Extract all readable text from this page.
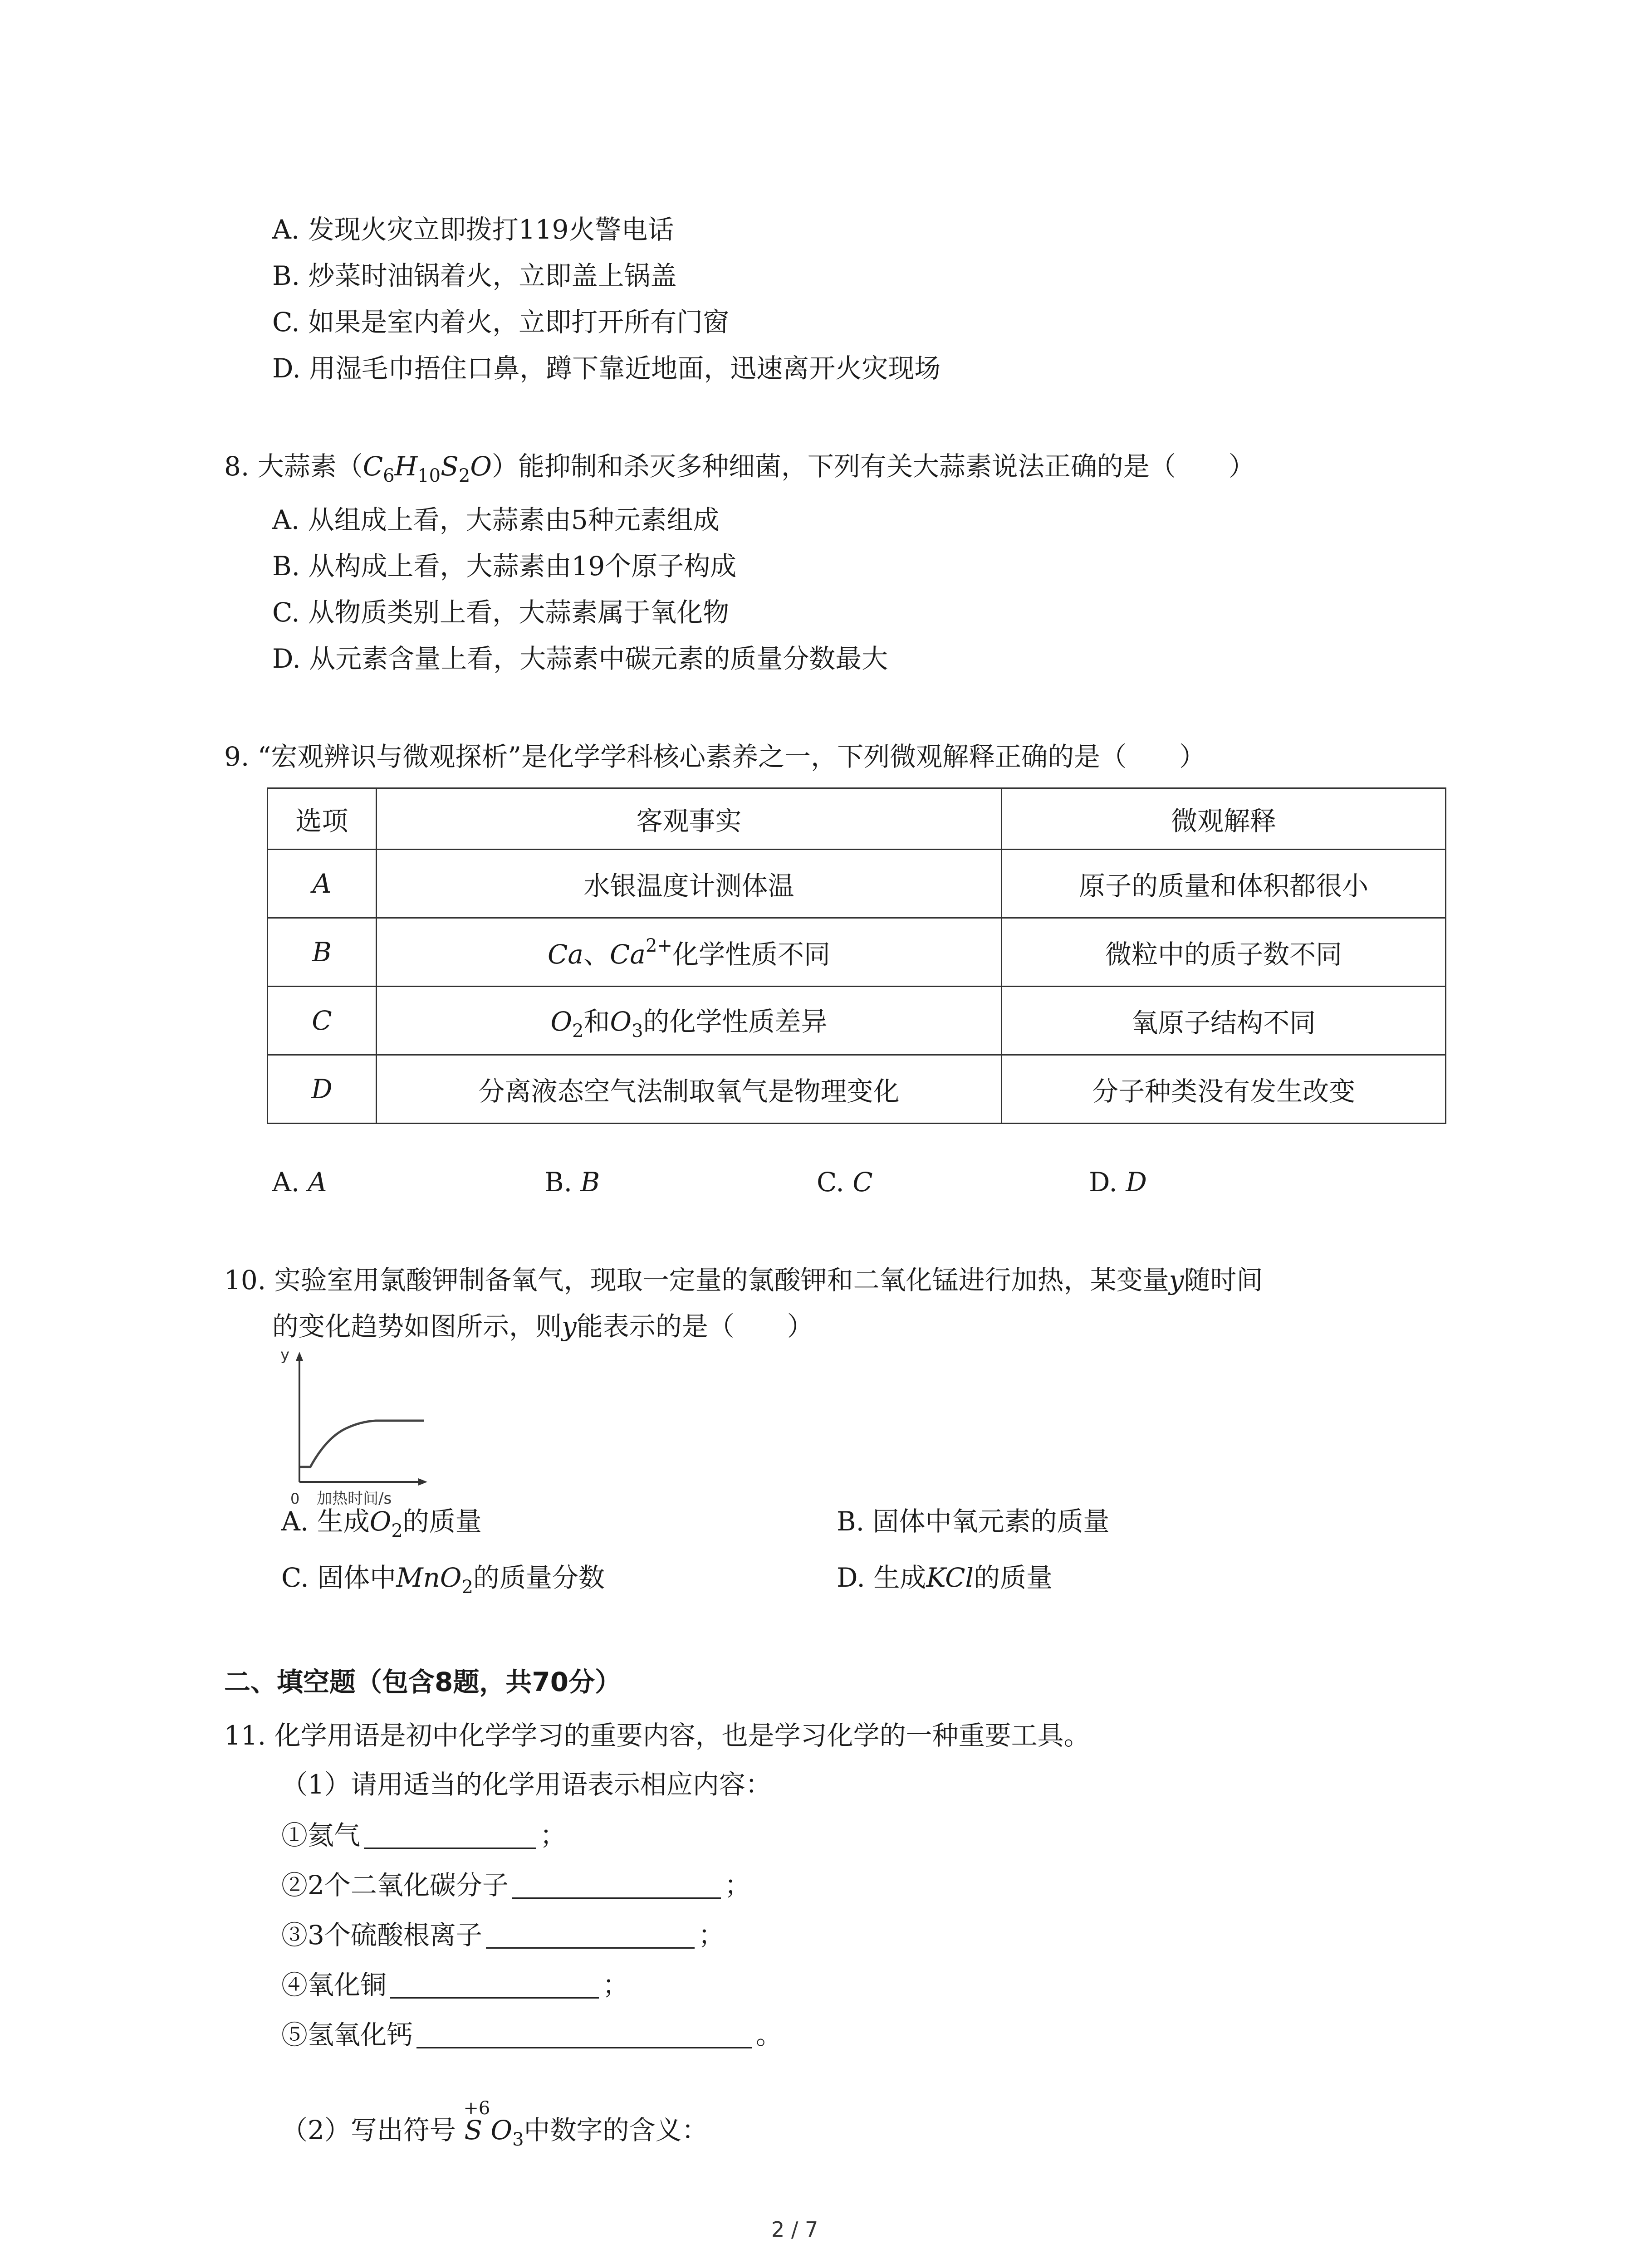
A. 发现火灾立即拨打119火警电话
B. 炒菜时油锅着火，立即盖上锅盖
C. 如果是室内着火，立即打开所有门窗
D. 用湿毛巾捂住口鼻，蹲下靠近地面，迅速离开火灾现场
8. 大蒜素$(C_6H_{10}S_2O)$能抑制和杀灭多种细菌，下列有关大蒜素说法正确的是（　　）
A. 从组成上看，大蒜素由5种元素组成
B. 从构成上看，大蒜素由19个原子构成
C. 从物质类别上看，大蒜素属于氧化物
D. 从元素含量上看，大蒜素中碳元素的质量分数最大
9. “宏观辨识与微观探析”是化学学科核心素养之一，下列微观解释正确的是（　　）
选项	客观事实	微观解释
A	水银温度计测体温	原子的质量和体积都很小
B	Ca、$Ca^{2+}$化学性质不同	微粒中的质子数不同
C	$O_2$和$O_3$的化学性质差异	氧原子结构不同
D	分离液态空气法制取氧气是物理变化	分子种类没有发生改变
A. A	B. B	C. C	D. D
10. 实验室用氯酸钾制备氧气，现取一定量的氯酸钾和二氧化锰进行加热，某变量y随时间
的变化趋势如图所示，则y能表示的是（　　）
y
0 加热时间/s
A. 生成$O_2$的质量	B. 固体中氧元素的质量
C. 固体中MnO$_2$的质量分数	D. 生成KCl的质量
二、填空题（包含8题，共70分）
11. 化学用语是初中化学学习的重要内容，也是学习化学的一种重要工具。
（1）请用适当的化学用语表示相应内容：
①氦气	；
②2个二氧化碳分子	；
③3个硫酸根离子	；
④氧化铜	；
⑤氢氧化钙	。
（2）写出符号
+6
S $O_3$中数字的含义：
2 / 7
